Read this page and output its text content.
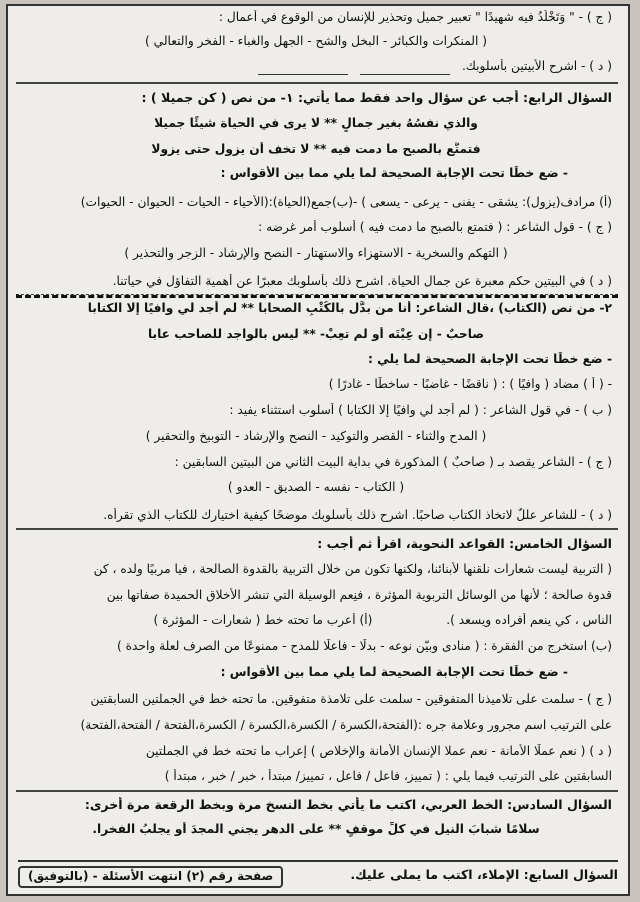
( ج ) - " وَتَخْلُدُ فيه شهيدًا " تعبير جميل وتحذير للإنسان من الوقوع في أعمال :
( المنكرات والكبائر - البخل والشح - الجهل والغباء - الفخر والتعالي )
( د ) - اشرح الأبيتين بأسلوبك.
السؤال الرابع: أجب عن سؤال واحد فقط مما يأتي: ١- من نص ( كن جميلا ) :
والذي نفسُهُ بغير جمالٍ ** لا يرى في الحياة شيئًا جميلا
فتمتَّع بالصبح ما دمت فيه ** لا تخف أن يزول حتى يزولا
- ضع خطًا تحت الإجابة الصحيحة لما يلي مما بين الأقواس :
(أ) مرادف(يزول): يشقى - يفنى - يرعى - يسعى ) -(ب)جمع(الحياة):(الأحياء - الحيات - الحيوان - الحيوات)
( ج ) - قول الشاعر : ( فتمتع بالصبح ما دمت فيه ) أسلوب أمر غرضه :
( التهكم والسخرية - الاستهزاء والاستهتار - النصح والإرشاد - الزجر والتحذير )
( د ) في البيتين حكم معبرة عن جمال الحياة. اشرح ذلك بأسلوبك معبرًا عن أهمية التفاؤل في حياتنا.
٢- من نص (الكتاب) ،قال الشاعر: أنا من بدَّل بالكُتْبِ الصحابا ** لم أجد لي وافيًا إلا الكتابا
صاحبٌ - إن عِبْتَه أو لم تعِبْ- ** ليس بالواجد للصاحب عابا
- ضع خطًا تحت الإجابة الصحيحة لما يلي :
- ( أ ) مضاد ( وافيًا ) : ( ناقضًا - غاضبًا - ساخطًا - غادرًا )
( ب ) - في قول الشاعر : ( لم أجد لي وافيًا إلا الكتابا ) أسلوب استثناء يفيد :
( المدح والثناء - القصر والتوكيد - النصح والإرشاد - التوبيخ والتحقير )
( ج ) - الشاعر يقصد بـ ( صاحبٌ ) المذكورة في بداية البيت الثاني من البيتين السابقين :
( الكتاب - نفسه - الصديق - العدو )
( د ) - للشاعر عللٌ لاتخاذ الكتاب صاحبًا. اشرح ذلك بأسلوبك موضحًا كيفية اختيارك للكتاب الذي تقرأه.
السؤال الخامس: القواعد النحوية، اقرأ ثم أجب :
( التربية ليست شعارات نلقنها لأبنائنا، ولكنها تكون من خلال التربية بالقدوة الصالحة ، فيا مربيًا ولده ، كن
قدوة صالحة ؛ لأنها من الوسائل التربوية المؤثرة ، فنِعم الوسيلة التي تنشر الأخلاق الحميدة صفاتها بين
الناس ، كي ينعم أفراده ويسعد ). (أ) أعرب ما تحته خط ( شعارات - المؤثرة )
(ب) استخرج من الفقرة : ( منادى وبيّن نوعه - بدلًا - فاعلًا للمدح - ممنوعًا من الصرف لعلة واحدة )
- ضع خطًا تحت الإجابة الصحيحة لما يلي مما بين الأقواس :
( ج ) - سلمت على تلاميذنا المتفوقين - سلمت على تلامذة متفوقين. ما تحته خط في الجملتين السابقتين
على الترتيب اسم مجرور وعلامة جره :(الفتحة،الكسرة / الكسرة،الكسرة / الكسرة،الفتحة / الفتحة،الفتحة)
( د ) ( نعم عملًا الأمانة - نعم عملا الإنسان الأمانة والإخلاص ) إعراب ما تحته خط في الجملتين
السابقتين على الترتيب فيما يلي : ( تمييز، فاعل / فاعل ، تمييز/ مبتدأ ، خبر / خبر ، مبتدأ )
السؤال السادس: الخط العربي، اكتب ما يأتي بخط النسخ مرة وبخط الرقعة مرة أخرى:
سلامًا شبابَ النيل في كلِّ موقفٍ ** على الدهر يجني المجدَ أو يجلبُ الفخرا.
السؤال السابع: الإملاء، اكتب ما يملى عليك.
صفحة رقم (٢) انتهت الأسئلة - (بالتوفيق)
